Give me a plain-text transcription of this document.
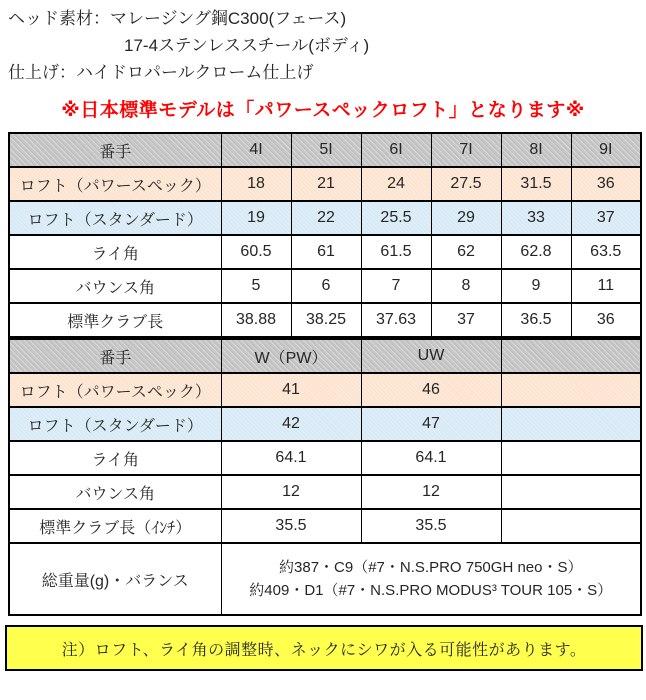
ヘッド素材：マレージング鋼C300(フェース)
17-4ステンレススチール(ボディ)
仕上げ：ハイドロパールクローム仕上げ
※日本標準モデルは「パワースペックロフト」となります※
番手	4I	5I	6I	7I	8I	9I
ロフト（パワースペック）	18	21	24	27.5	31.5	36
ロフト（スタンダード）	19	22	25.5	29	33	37
ライ角	60.5	61	61.5	62	62.8	63.5
バウンス角	5	6	7	8	9	11
標準クラブ長	38.88	38.25	37.63	37	36.5	36
番手	W（PW）	UW	
ロフト（パワースペック）	41	46	
ロフト（スタンダード）	42	47	
ライ角	64.1	64.1	
バウンス角	12	12	
標準クラブ長（ｲﾝﾁ）	35.5	35.5	
総重量(g)・バランス	約387・C9（#7・N.S.PRO 750GH neo・S）
約409・D1（#7・N.S.PRO MODUS³ TOUR 105・S）		
注）ロフト、ライ角の調整時、ネックにシワが入る可能性があります。
